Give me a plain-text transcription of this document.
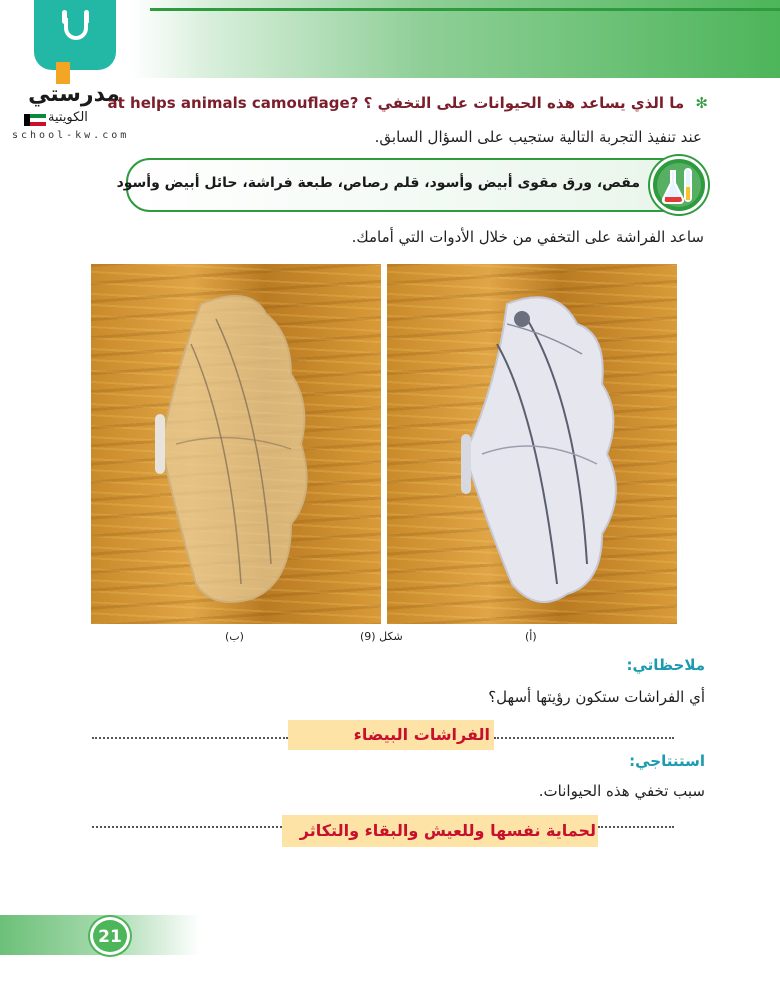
مدرستي
الكويتية
school-kw.com
✻ ما الذي يساعد هذه الحيوانات على التخفي ؟ at helps animals camouflage?
عند تنفيذ التجربة التالية ستجيب على السؤال السابق.
مقص، ورق مقوى أبيض وأسود، قلم رصاص، طبعة فراشة، حائل أبيض وأسود
ساعد الفراشة على التخفي من خلال الأدوات التي أمامك.
(أ)
شكل (9)
(ب)
ملاحظاتي:
أي الفراشات ستكون رؤيتها أسهل؟
الفراشات البيضاء
استنتاجي:
سبب تخفي هذه الحيوانات.
لحماية نفسها وللعيش والبقاء والتكاثر
21
